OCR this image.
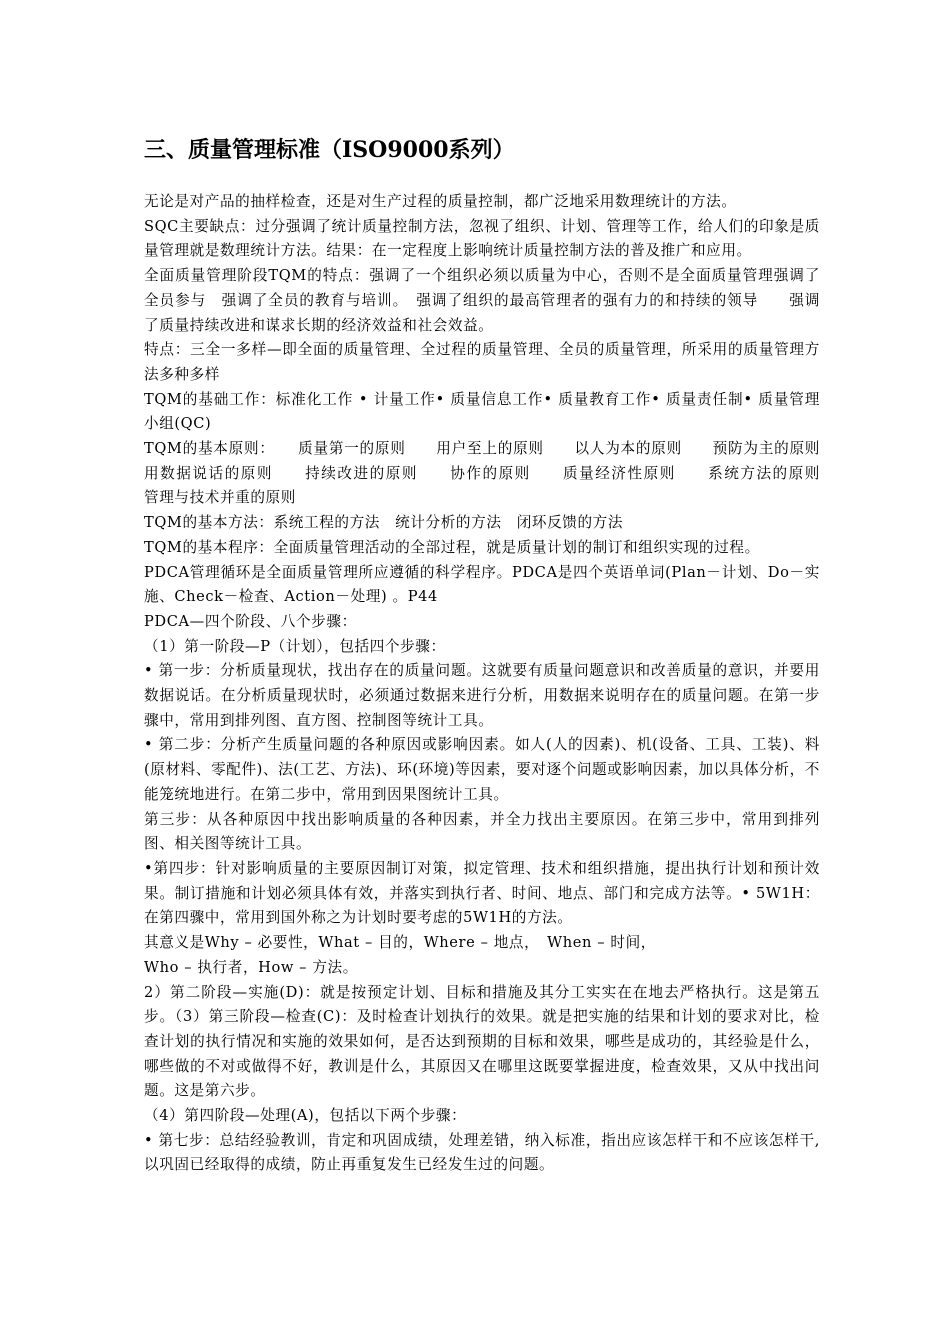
三、质量管理标准（ISO9000系列）

无论是对产品的抽样检查，还是对生产过程的质量控制，都广泛地采用数理统计的方法。

SQC主要缺点：过分强调了统计质量控制方法，忽视了组织、计划、管理等工作，给人们的印象是质量管理就是数理统计方法。结果：在一定程度上影响统计质量控制方法的普及推广和应用。

全面质量管理阶段TQM的特点：强调了一个组织必须以质量为中心，否则不是全面质量管理强调了全员参与　强调了全员的教育与培训。　强调了组织的最高管理者的强有力的和持续的领导　　强调了质量持续改进和谋求长期的经济效益和社会效益。

特点：三全一多样—即全面的质量管理、全过程的质量管理、全员的质量管理，所采用的质量管理方法多种多样

TQM的基础工作：标准化工作 • 计量工作• 质量信息工作• 质量教育工作• 质量责任制• 质量管理小组(QC)

TQM的基本原则：　　质量第一的原则　　用户至上的原则　　以人为本的原则　　预防为主的原则　　用数据说话的原则　　持续改进的原则　　协作的原则　　质量经济性原则　　系统方法的原则　　管理与技术并重的原则

TQM的基本方法：系统工程的方法　统计分析的方法　闭环反馈的方法

TQM的基本程序：全面质量管理活动的全部过程，就是质量计划的制订和组织实现的过程。

PDCA管理循环是全面质量管理所应遵循的科学程序。PDCA是四个英语单词(Plan－计划、Do－实施、Check－检查、Action－处理) 。P44

PDCA—四个阶段、八个步骤：

（1）第一阶段—P（计划），包括四个步骤：

• 第一步：分析质量现状，找出存在的质量问题。这就要有质量问题意识和改善质量的意识，并要用数据说话。在分析质量现状时，必须通过数据来进行分析，用数据来说明存在的质量问题。在第一步骤中，常用到排列图、直方图、控制图等统计工具。

• 第二步：分析产生质量问题的各种原因或影响因素。如人(人的因素)、机(设备、工具、工装)、料(原材料、零配件)、法(工艺、方法)、环(环境)等因素，要对逐个问题或影响因素，加以具体分析，不能笼统地进行。在第二步中，常用到因果图统计工具。

第三步：从各种原因中找出影响质量的各种因素，并全力找出主要原因。在第三步中，常用到排列图、相关图等统计工具。

•第四步：针对影响质量的主要原因制订对策，拟定管理、技术和组织措施，提出执行计划和预计效果。制订措施和计划必须具体有效，并落实到执行者、时间、地点、部门和完成方法等。• 5W1H：在第四骤中，常用到国外称之为计划时要考虑的5W1H的方法。

其意义是Why – 必要性，What – 目的，Where – 地点，　When – 时间，

Who – 执行者，How – 方法。

2）第二阶段—实施(D)：就是按预定计划、目标和措施及其分工实实在在地去严格执行。这是第五步。（3）第三阶段—检查(C)：及时检查计划执行的效果。就是把实施的结果和计划的要求对比，检查计划的执行情况和实施的效果如何，是否达到预期的目标和效果，哪些是成功的，其经验是什么，哪些做的不对或做得不好，教训是什么，其原因又在哪里这既要掌握进度，检查效果，又从中找出问题。这是第六步。

（4）第四阶段—处理(A)，包括以下两个步骤：

• 第七步：总结经验教训，肯定和巩固成绩，处理差错，纳入标准，指出应该怎样干和不应该怎样干,以巩固已经取得的成绩，防止再重复发生已经发生过的问题。
